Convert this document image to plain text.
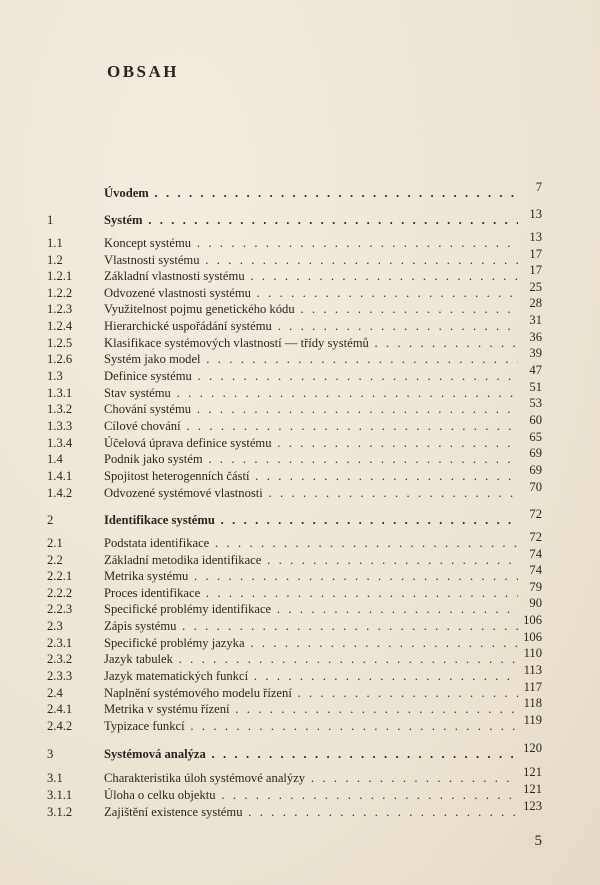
OBSAH
Úvodem . . .	7
1	Systém . . .	13
1.1	Koncept systému . . .	13
1.2	Vlastnosti systému . . .	17
1.2.1	Základní vlastnosti systému . . .	17
1.2.2	Odvozené vlastnosti systému . . .	25
1.2.3	Využitelnost pojmu genetického kódu . . .	28
1.2.4	Hierarchické uspořádání systému . . .	31
1.2.5	Klasifikace systémových vlastností — třídy systémů . . .	36
1.2.6	Systém jako model . . .	39
1.3	Definice systému . . .	47
1.3.1	Stav systému . . .	51
1.3.2	Chování systému . . .	53
1.3.3	Cílové chování . . .	60
1.3.4	Účelová úprava definice systému . . .	65
1.4	Podnik jako systém . . .	69
1.4.1	Spojitost heterogenních částí . . .	69
1.4.2	Odvozené systémové vlastnosti . . .	70
2	Identifikace systému . . .	72
2.1	Podstata identifikace . . .	72
2.2	Základní metodika identifikace . . .	74
2.2.1	Metrika systému . . .	74
2.2.2	Proces identifikace . . .	79
2.2.3	Specifické problémy identifikace . . .	90
2.3	Zápis systému . . .	106
2.3.1	Specifické problémy jazyka . . .	106
2.3.2	Jazyk tabulek . . .	110
2.3.3	Jazyk matematických funkcí . . .	113
2.4	Naplnění systémového modelu řízení . . .	117
2.4.1	Metrika v systému řízení . . .	118
2.4.2	Typizace funkcí . . .	119
3	Systémová analýza . . .	120
3.1	Charakteristika úloh systémové analýzy . . .	121
3.1.1	Úloha o celku objektu . . .	121
3.1.2	Zajištění existence systému . . .	123
5
